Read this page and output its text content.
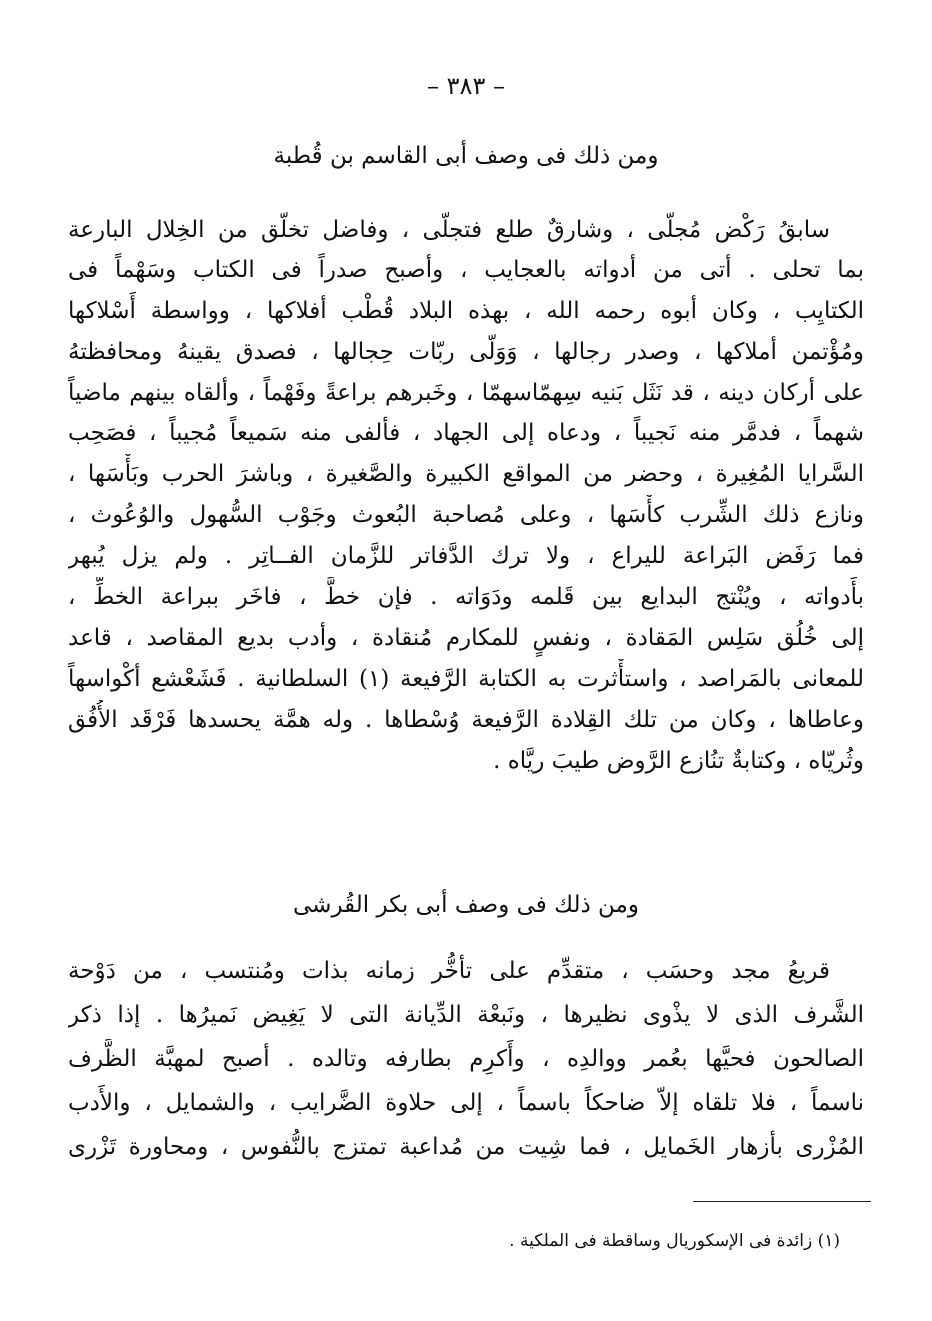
– ٣٨٣ –
ومن ذلك فى وصف أبى القاسم بن قُطبة
سابقُ رَكْض مُجلّى ، وشارقٌ طلع فتجلّى ، وفاضل تخلّق من الخِلال البارعة
بما تحلى . أتى من أدواته بالعجايب ، وأصبح صدراً فى الكتاب وسَهْماً فى
الكتايِب ، وكان أبوه رحمه الله ، بهذه البلاد قُطْب أفلاكها ، وواسطة أَسْلاكها
ومُؤْتمن أملاكها ، وصدر رجالها ، وَوَلّى ربّات حِجالها ، فصدق يقينهُ ومحافظتهُ
على أركان دينه ، قد نَثَل بَنيه سِهمّاسهمّا ، وخَبرهم براعةً وفَهْماً ، وألقاه بينهم ماضياً
شهماً ، فدمَّر منه نَجيباً ، ودعاه إلى الجهاد ، فألفى منه سَميعاً مُجيباً ، فصَحِب
السَّرايا المُغِيرة ، وحضر من المواقع الكبيرة والصَّغيرة ، وباشرَ الحرب وبَأْسَها ،
ونازع ذلك الشِّرب كأْسَها ، وعلى مُصاحبة البُعوث وجَوْب السُّهول والوُعُوث ،
فما رَفَض البَراعة لليراع ، ولا ترك الدَّفاتر للزَّمان الفــاتِر . ولم يزل يُبهر
بأَدواته ، ويُنْتج البدايع بين قَلمه ودَوَاته . فإن خطَّ ، فاخَر ببراعة الخطِّ ،
إلى خُلُق سَلِس المَقادة ، ونفسٍ للمكارم مُنقادة ، وأدب بديع المقاصد ، قاعد
للمعانى بالمَراصد ، واستأْثرت به الكتابة الرَّفيعة (١) السلطانية . فَشَعْشع أكْواسهاً
وعاطاها ، وكان من تلك القِلادة الرَّفيعة وُسْطاها . وله همَّة يحسدها فَرْقَد الأُفُق
وثُريّاه ، وكتابةٌ تنُازع الرَّوض طيبَ ريَّاه .
ومن ذلك فى وصف أبى بكر القُرشى
قريعُ مجد وحسَب ، متقدِّم على تأخُّر زمانه بذات ومُنتسب ، من دَوْحة
الشَّرف الذى لا يذْوى نظيرها ، ونَبعْة الدِّيانة التى لا يَغِيض نَميرُها . إذا ذكر
الصالحون فحيَّها بعُمر ووالدِه ، وأَكرِم بطارفه وتالده . أصبح لمهبَّة الظَّرف
ناسماً ، فلا تلقاه إلاّ ضاحكاً باسماً ، إلى حلاوة الضَّرايب ، والشمايل ، والأَدب
المُزْرى بأزهار الخَمايل ، فما شِيت من مُداعبة تمتزج بالنُّفوس ، ومحاورة تَزْرى
(١) زائدة فى الإسكوريال وساقطة فى الملكية .
